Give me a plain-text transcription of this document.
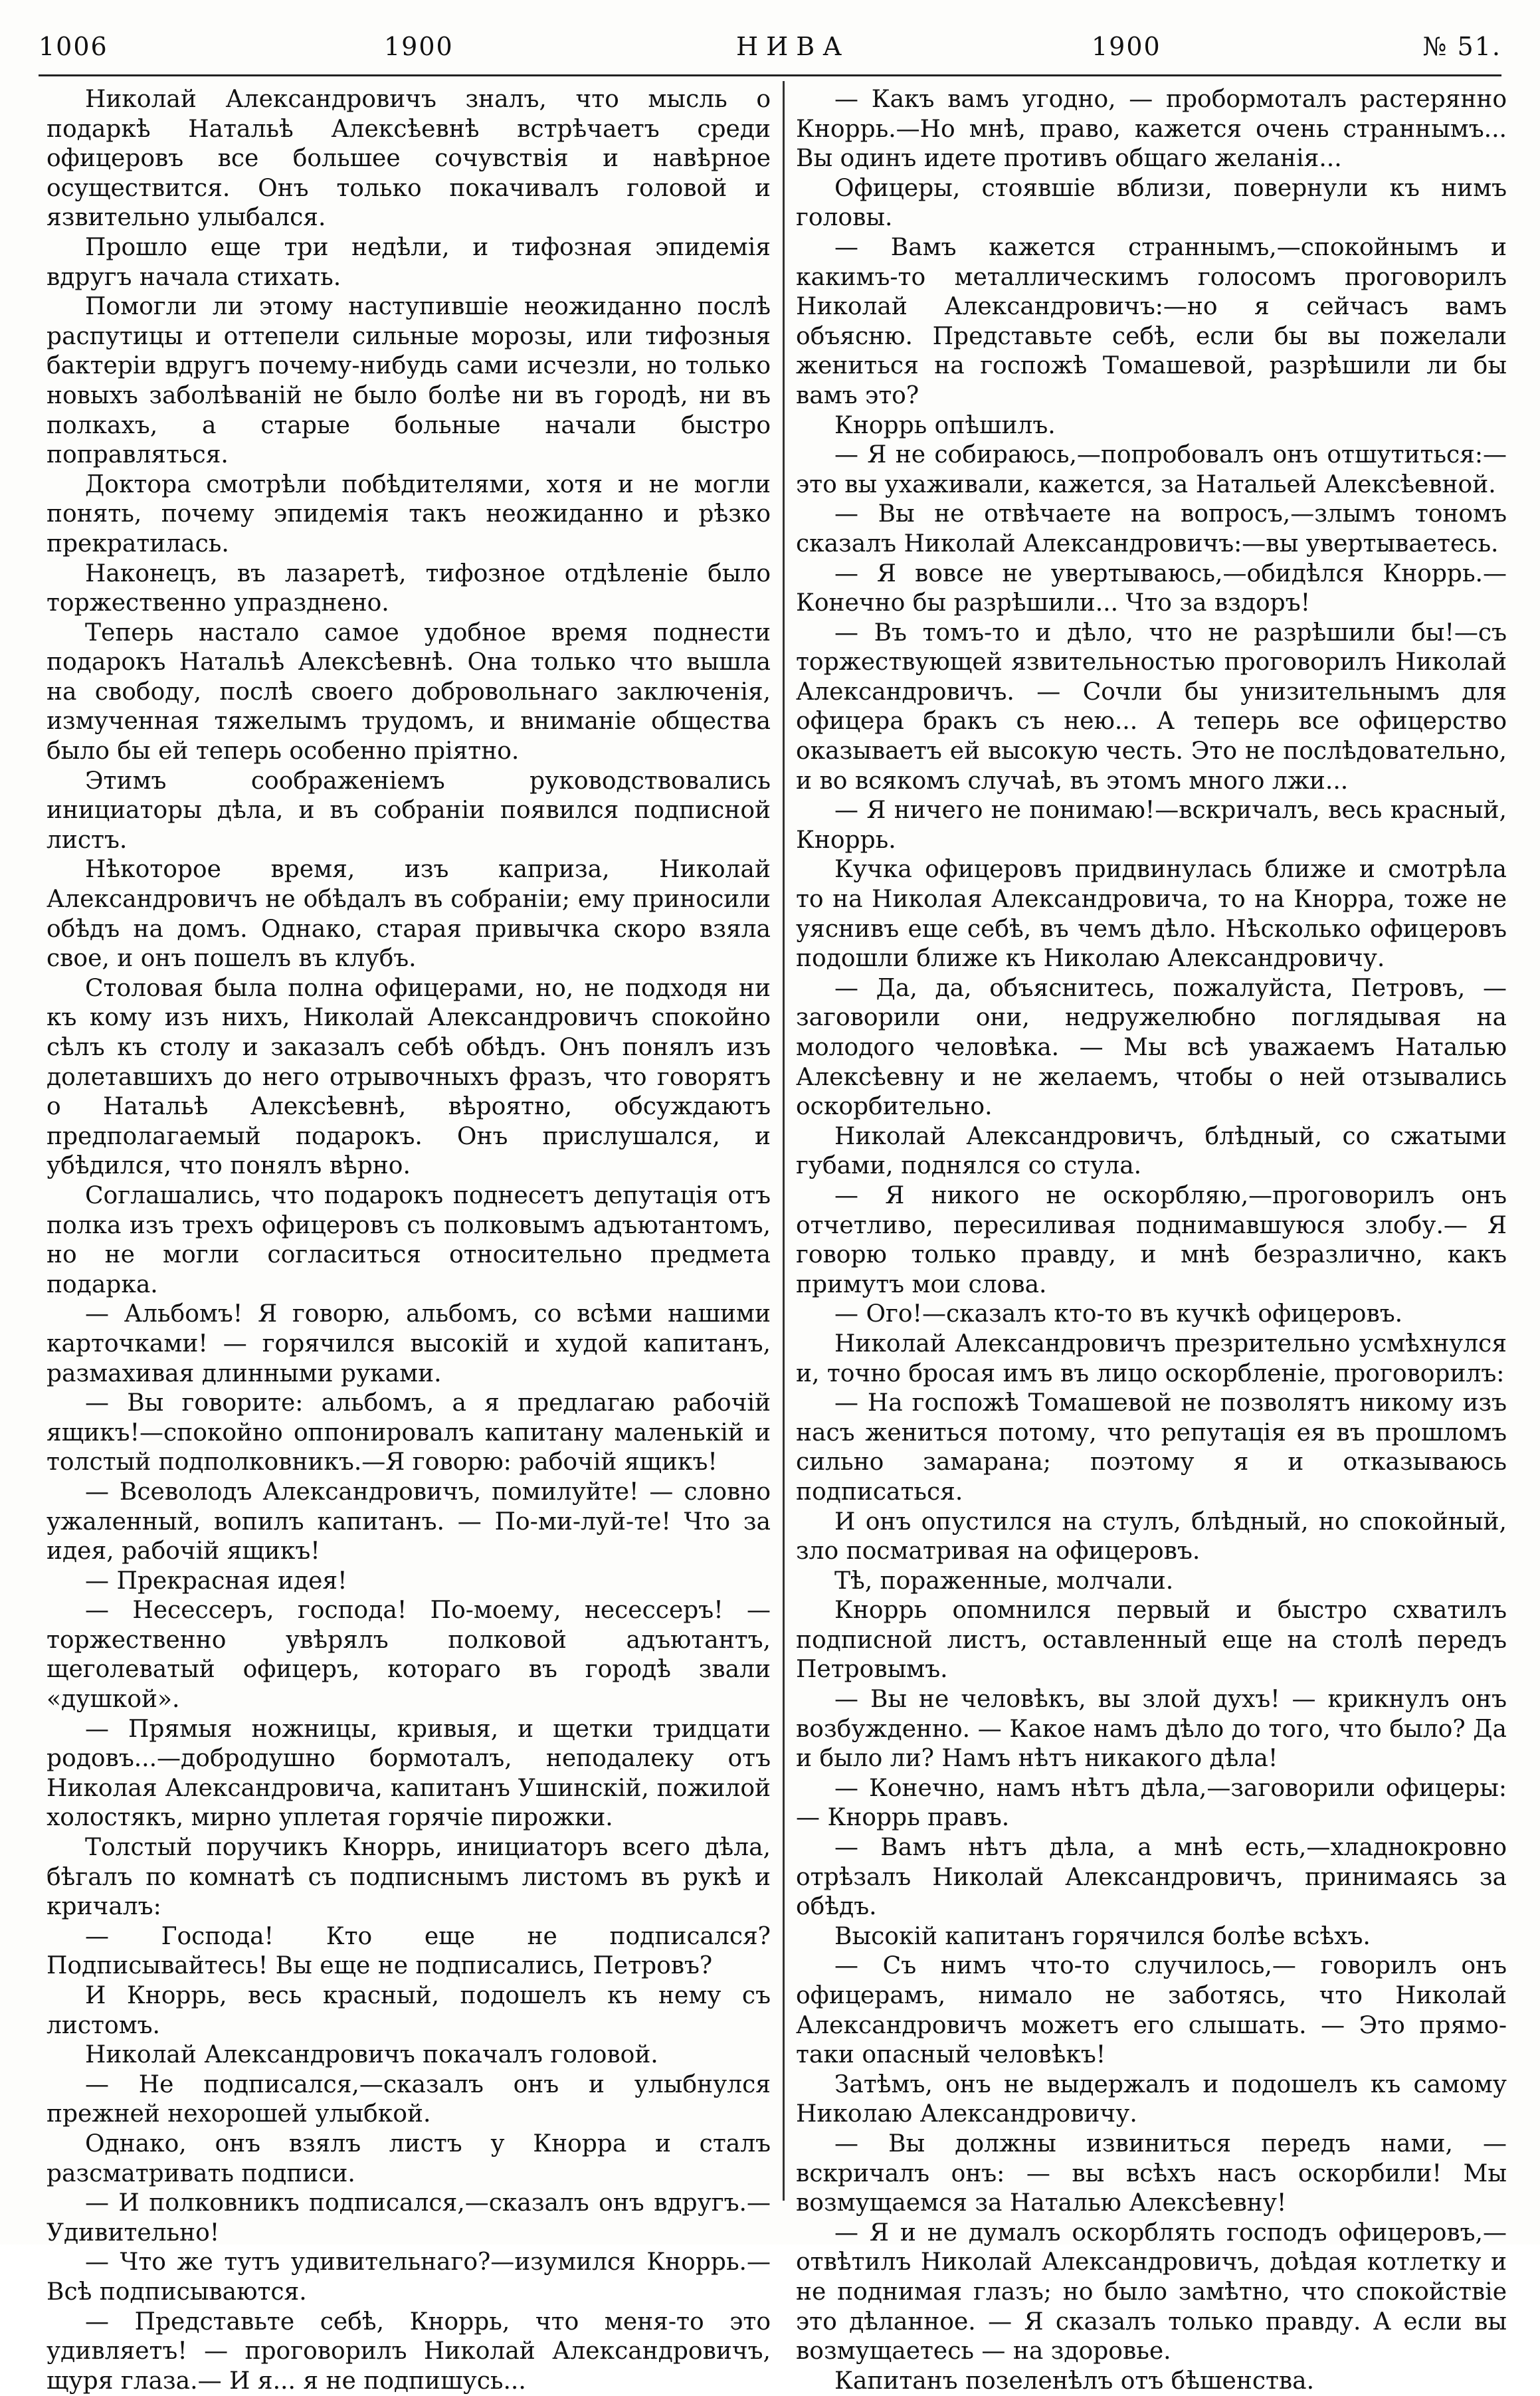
1006	1900	НИВА	1900	№ 51.

Николай Александровичъ зналъ, что мысль о подаркѣ Натальѣ Алексѣевнѣ встрѣчаетъ среди офицеровъ все большее сочувствія и навѣрное осуществится. Онъ только покачивалъ головой и язвительно улыбался.

Прошло еще три недѣли, и тифозная эпидемія вдругъ начала стихать.

Помогли ли этому наступившіе неожиданно послѣ распутицы и оттепели сильные морозы, или тифозныя бактеріи вдругъ почему-нибудь сами исчезли, но только новыхъ заболѣваній не было болѣе ни въ городѣ, ни въ полкахъ, а старые больные начали быстро поправляться.

Доктора смотрѣли побѣдителями, хотя и не могли понять, почему эпидемія такъ неожиданно и рѣзко прекратилась.

Наконецъ, въ лазаретѣ, тифозное отдѣленіе было торжественно упразднено.

Теперь настало самое удобное время поднести подарокъ Натальѣ Алексѣевнѣ. Она только что вышла на свободу, послѣ своего добровольнаго заключенія, измученная тяжелымъ трудомъ, и вниманіе общества было бы ей теперь особенно пріятно.

Этимъ соображеніемъ руководствовались инициаторы дѣла, и въ собраніи появился подписной листъ.

Нѣкоторое время, изъ каприза, Николай Александровичъ не обѣдалъ въ собраніи; ему приносили обѣдъ на домъ. Однако, старая привычка скоро взяла свое, и онъ пошелъ въ клубъ.

Столовая была полна офицерами, но, не подходя ни къ кому изъ нихъ, Николай Александровичъ спокойно сѣлъ къ столу и заказалъ себѣ обѣдъ. Онъ понялъ изъ долетавшихъ до него отрывочныхъ фразъ, что говорятъ о Натальѣ Алексѣевнѣ, вѣроятно, обсуждаютъ предполагаемый подарокъ. Онъ прислушался, и убѣдился, что понялъ вѣрно.

Соглашались, что подарокъ поднесетъ депутація отъ полка изъ трехъ офицеровъ съ полковымъ адъютантомъ, но не могли согласиться относительно предмета подарка.

— Альбомъ! Я говорю, альбомъ, со всѣми нашими карточками! — горячился высокій и худой капитанъ, размахивая длинными руками.

— Вы говорите: альбомъ, а я предлагаю рабочій ящикъ!—спокойно оппонировалъ капитану маленькій и толстый подполковникъ.—Я говорю: рабочій ящикъ!

— Всеволодъ Александровичъ, помилуйте! — словно ужаленный, вопилъ капитанъ. — По-ми-луй-те! Что за идея, рабочій ящикъ!

— Прекрасная идея!

— Несессеръ, господа! По-моему, несессеръ! — торжественно увѣрялъ полковой адъютантъ, щеголеватый офицеръ, котораго въ городѣ звали «душкой».

— Прямыя ножницы, кривыя, и щетки тридцати родовъ...—добродушно бормоталъ, неподалеку отъ Николая Александровича, капитанъ Ушинскій, пожилой холостякъ, мирно уплетая горячіе пирожки.

Толстый поручикъ Кноррь, инициаторъ всего дѣла, бѣгалъ по комнатѣ съ подписнымъ листомъ въ рукѣ и кричалъ:

— Господа! Кто еще не подписался? Подписывайтесь! Вы еще не подписались, Петровъ?

И Кноррь, весь красный, подошелъ къ нему съ листомъ.

Николай Александровичъ покачалъ головой.

— Не подписался,—сказалъ онъ и улыбнулся прежней нехорошей улыбкой.

Однако, онъ взялъ листъ у Кнорра и сталъ разсматривать подписи.

— И полковникъ подписался,—сказалъ онъ вдругъ.— Удивительно!

— Что же тутъ удивительнаго?—изумился Кноррь.— Всѣ подписываются.

— Представьте себѣ, Кноррь, что меня-то это удивляетъ! — проговорилъ Николай Александровичъ, щуря глаза.— И я... я не подпишусь...

— Какъ вамъ угодно, — пробормоталъ растерянно Кноррь.—Но мнѣ, право, кажется очень страннымъ... Вы одинъ идете противъ общаго желанія...

Офицеры, стоявшіе вблизи, повернули къ нимъ головы.

— Вамъ кажется страннымъ,—спокойнымъ и какимъ-то металлическимъ голосомъ проговорилъ Николай Александровичъ:—но я сейчасъ вамъ объясню. Представьте себѣ, если бы вы пожелали жениться на госпожѣ Томашевой, разрѣшили ли бы вамъ это?

Кноррь опѣшилъ.

— Я не собираюсь,—попробовалъ онъ отшутиться:— это вы ухаживали, кажется, за Натальей Алексѣевной.

— Вы не отвѣчаете на вопросъ,—злымъ тономъ сказалъ Николай Александровичъ:—вы увертываетесь.

— Я вовсе не увертываюсь,—обидѣлся Кноррь.—Конечно бы разрѣшили... Что за вздоръ!

— Въ томъ-то и дѣло, что не разрѣшили бы!—съ торжествующей язвительностью проговорилъ Николай Александровичъ. — Сочли бы унизительнымъ для офицера бракъ съ нею... А теперь все офицерство оказываетъ ей высокую честь. Это не послѣдовательно, и во всякомъ случаѣ, въ этомъ много лжи...

— Я ничего не понимаю!—вскричалъ, весь красный, Кноррь.

Кучка офицеровъ придвинулась ближе и смотрѣла то на Николая Александровича, то на Кнорра, тоже не уяснивъ еще себѣ, въ чемъ дѣло. Нѣсколько офицеровъ подошли ближе къ Николаю Александровичу.

— Да, да, объяснитесь, пожалуйста, Петровъ, — заговорили они, недружелюбно поглядывая на молодого человѣка. — Мы всѣ уважаемъ Наталью Алексѣевну и не желаемъ, чтобы о ней отзывались оскорбительно.

Николай Александровичъ, блѣдный, со сжатыми губами, поднялся со стула.

— Я никого не оскорбляю,—проговорилъ онъ отчетливо, пересиливая поднимавшуюся злобу.— Я говорю только правду, и мнѣ безразлично, какъ примутъ мои слова.

— Ого!—сказалъ кто-то въ кучкѣ офицеровъ.

Николай Александровичъ презрительно усмѣхнулся и, точно бросая имъ въ лицо оскорбленіе, проговорилъ:

— На госпожѣ Томашевой не позволятъ никому изъ насъ жениться потому, что репутація ея въ прошломъ сильно замарана; поэтому я и отказываюсь подписаться.

И онъ опустился на стулъ, блѣдный, но спокойный, зло посматривая на офицеровъ.

Тѣ, пораженные, молчали.

Кноррь опомнился первый и быстро схватилъ подписной листъ, оставленный еще на столѣ передъ Петровымъ.

— Вы не человѣкъ, вы злой духъ! — крикнулъ онъ возбужденно. — Какое намъ дѣло до того, что было? Да и было ли? Намъ нѣтъ никакого дѣла!

— Конечно, намъ нѣтъ дѣла,—заговорили офицеры:— Кноррь правъ.

— Вамъ нѣтъ дѣла, а мнѣ есть,—хладнокровно отрѣзалъ Николай Александровичъ, принимаясь за обѣдъ.

Высокій капитанъ горячился болѣе всѣхъ.

— Съ нимъ что-то случилось,— говорилъ онъ офицерамъ, нимало не заботясь, что Николай Александровичъ можетъ его слышать. — Это прямо-таки опасный человѣкъ!

Затѣмъ, онъ не выдержалъ и подошелъ къ самому Николаю Александровичу.

— Вы должны извиниться передъ нами, — вскричалъ онъ: — вы всѣхъ насъ оскорбили! Мы возмущаемся за Наталью Алексѣевну!

— Я и не думалъ оскорблять господъ офицеровъ,— отвѣтилъ Николай Александровичъ, доѣдая котлетку и не поднимая глазъ; но было замѣтно, что спокойствіе это дѣланное. — Я сказалъ только правду. А если вы возмущаетесь — на здоровье.

Капитанъ позеленѣлъ отъ бѣшенства.
